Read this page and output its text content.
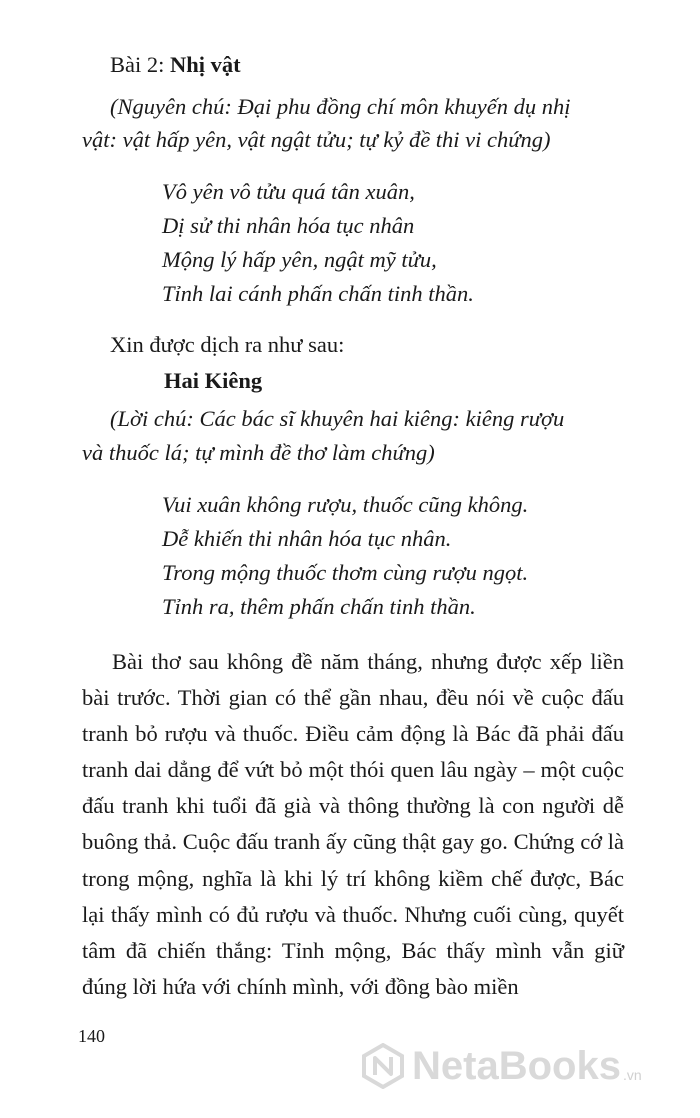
Bài 2: Nhị vật
(Nguyên chú: Đại phu đồng chí môn khuyến dụ nhị
vật: vật hấp yên, vật ngật tửu; tự kỷ đề thi vi chứng)
Vô yên vô tửu quá tân xuân,
Dị sử thi nhân hóa tục nhân
Mộng lý hấp yên, ngật mỹ tửu,
Tỉnh lai cánh phấn chấn tinh thần.
Xin được dịch ra như sau:
Hai Kiêng
(Lời chú: Các bác sĩ khuyên hai kiêng: kiêng rượu
và thuốc lá; tự mình đề thơ làm chứng)
Vui xuân không rượu, thuốc cũng không.
Dễ khiến thi nhân hóa tục nhân.
Trong mộng thuốc thơm cùng rượu ngọt.
Tỉnh ra, thêm phấn chấn tinh thần.

Bài thơ sau không đề năm tháng, nhưng được xếp liền bài trước. Thời gian có thể gần nhau, đều nói về cuộc đấu tranh bỏ rượu và thuốc. Điều cảm động là Bác đã phải đấu tranh dai dẳng để vứt bỏ một thói quen lâu ngày – một cuộc đấu tranh khi tuổi đã già và thông thường là con người dễ buông thả. Cuộc đấu tranh ấy cũng thật gay go. Chứng cớ là trong mộng, nghĩa là khi lý trí không kiềm chế được, Bác lại thấy mình có đủ rượu và thuốc. Nhưng cuối cùng, quyết tâm đã chiến thắng: Tỉnh mộng, Bác thấy mình vẫn giữ đúng lời hứa với chính mình, với đồng bào miền

140
NetaBooks .vn
